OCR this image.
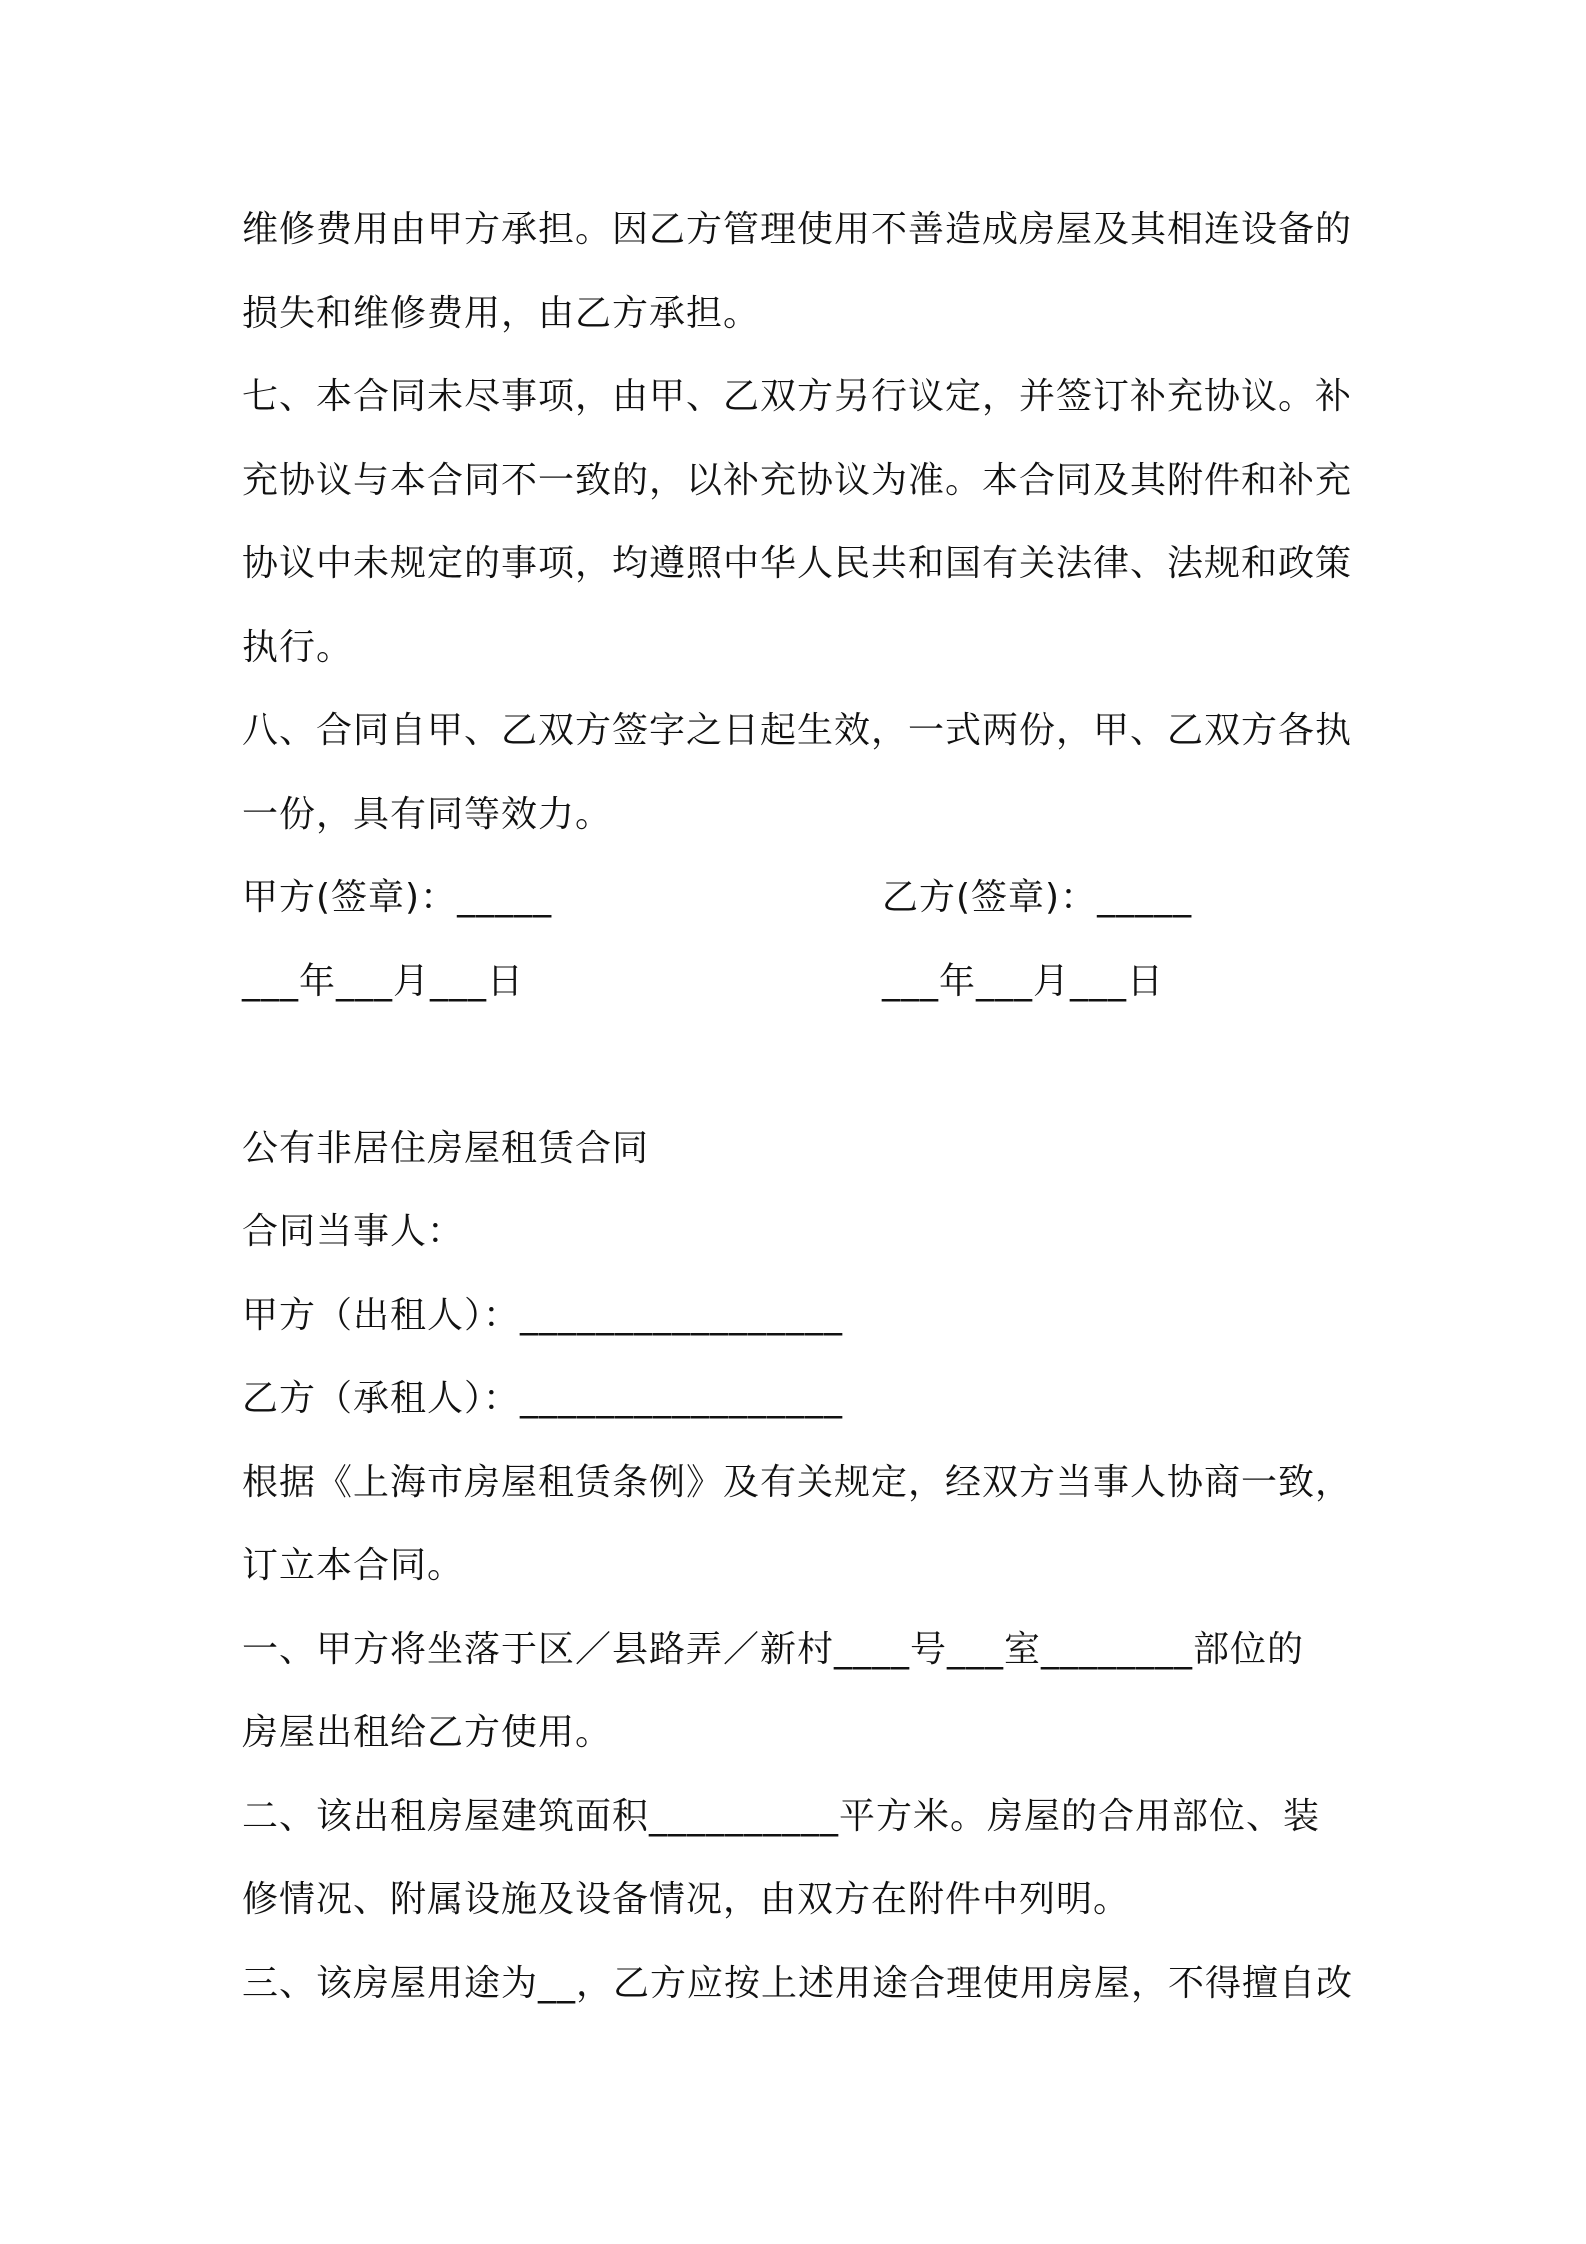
维修费用由甲方承担。因乙方管理使用不善造成房屋及其相连设备的
损失和维修费用，由乙方承担。
七、本合同未尽事项，由甲、乙双方另行议定，并签订补充协议。补
充协议与本合同不一致的，以补充协议为准。本合同及其附件和补充
协议中未规定的事项，均遵照中华人民共和国有关法律、法规和政策
执行。
八、合同自甲、乙双方签字之日起生效，一式两份，甲、乙双方各执
一份，具有同等效力。
甲方(签章)：_____	乙方(签章)：_____
___年___月___日	___年___月___日
公有非居住房屋租赁合同
合同当事人：
甲方（出租人）：_________________
乙方（承租人）：_________________
根据《上海市房屋租赁条例》及有关规定，经双方当事人协商一致，
订立本合同。
一、甲方将坐落于区／县路弄／新村____号___室________部位的
房屋出租给乙方使用。
二、该出租房屋建筑面积__________平方米。房屋的合用部位、装
修情况、附属设施及设备情况，由双方在附件中列明。
三、该房屋用途为__，乙方应按上述用途合理使用房屋，不得擅自改
